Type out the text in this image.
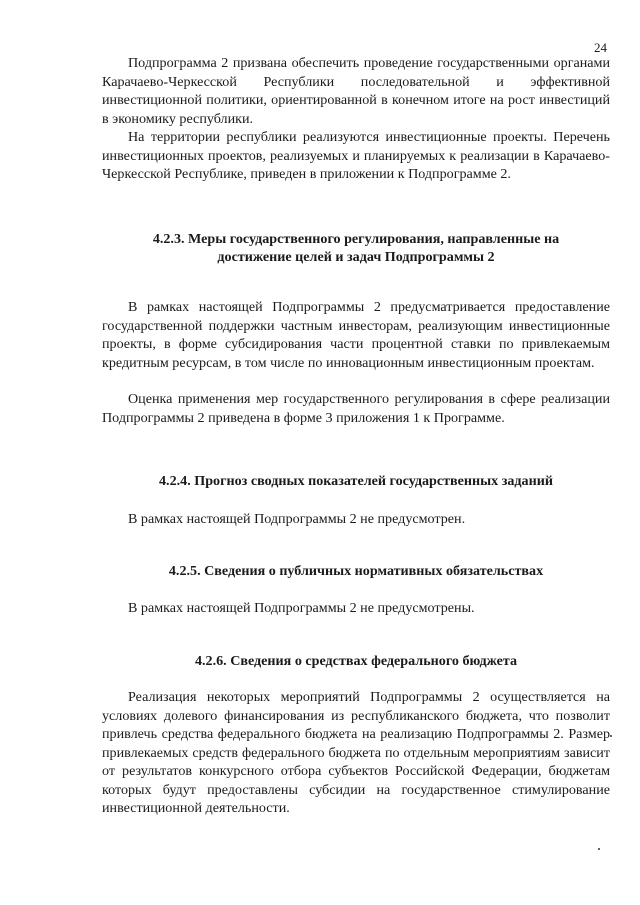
24

Подпрограмма 2 призвана обеспечить проведение государственными органами Карачаево-Черкесской Республики последовательной и эффективной инвестиционной политики, ориентированной в конечном итоге на рост инвестиций в экономику республики.

На территории республики реализуются инвестиционные проекты. Перечень инвестиционных проектов, реализуемых и планируемых к реализации в Карачаево-Черкесской Республике, приведен в приложении к Подпрограмме 2.

4.2.3. Меры государственного регулирования, направленные на

достижение целей и задач Подпрограммы 2

В рамках настоящей Подпрограммы 2 предусматривается предоставление государственной поддержки частным инвесторам, реализующим инвестиционные проекты, в форме субсидирования части процентной ставки по привлекаемым кредитным ресурсам, в том числе по инновационным инвестиционным проектам.

Оценка применения мер государственного регулирования в сфере реализации Подпрограммы 2 приведена в форме 3 приложения 1 к Программе.

4.2.4. Прогноз сводных показателей государственных заданий

В рамках настоящей Подпрограммы 2 не предусмотрен.

4.2.5. Сведения о публичных нормативных обязательствах

В рамках настоящей Подпрограммы 2 не предусмотрены.

4.2.6. Сведения о средствах федерального бюджета

Реализация некоторых мероприятий Подпрограммы 2 осуществляется на условиях долевого финансирования из республиканского бюджета, что позволит привлечь средства федерального бюджета на реализацию Подпрограммы 2. Размер привлекаемых средств федерального бюджета по отдельным мероприятиям зависит от результатов конкурсного отбора субъектов Российской Федерации, бюджетам которых будут предоставлены субсидии на государственное стимулирование инвестиционной деятельности.
